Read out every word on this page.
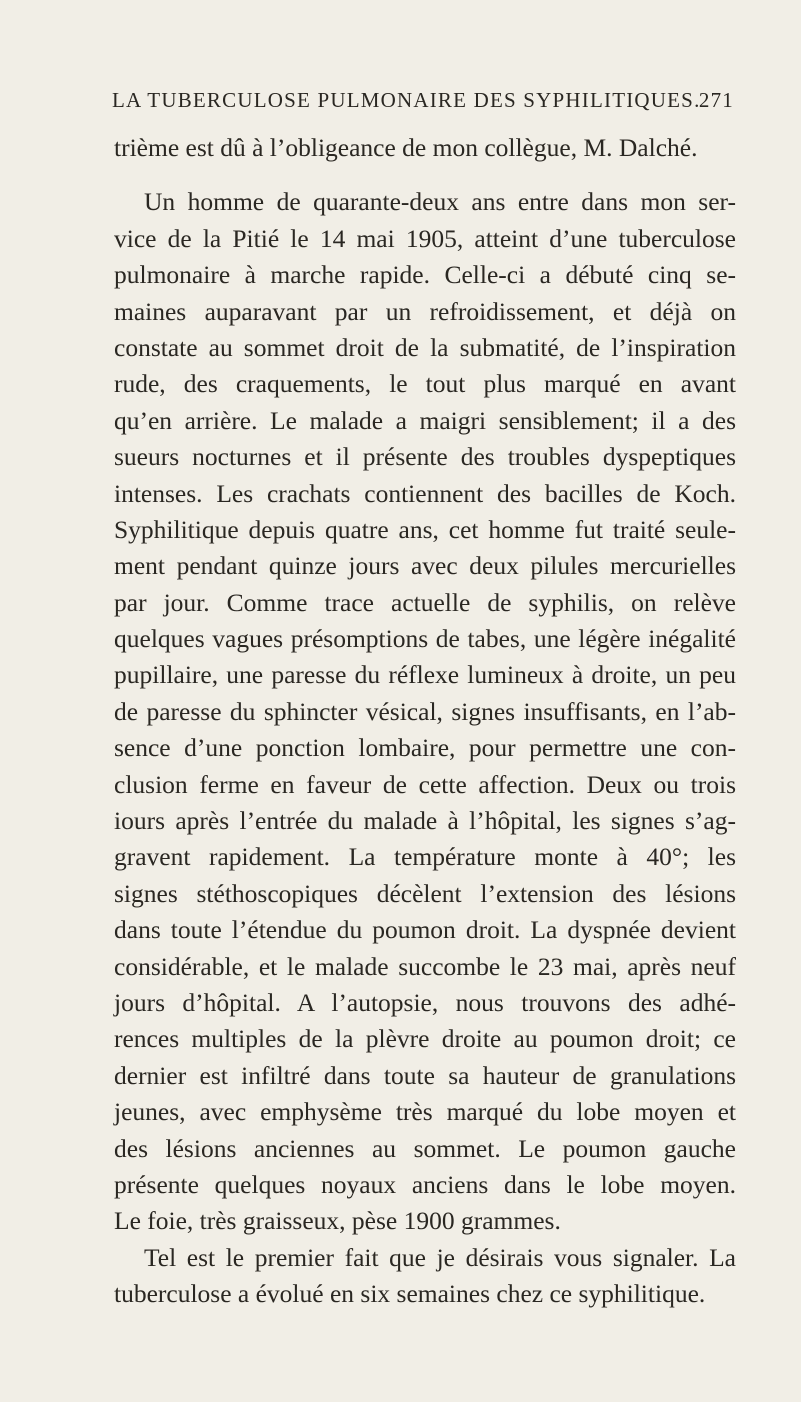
LA TUBERCULOSE PULMONAIRE DES SYPHILITIQUES.
271
trième est dû à l’obligeance de mon collègue, M. Dalché.
Un homme de quarante-deux ans entre dans mon ser-
vice de la Pitié le 14 mai 1905, atteint d’une tuberculose
pulmonaire à marche rapide. Celle-ci a débuté cinq se-
maines auparavant par un refroidissement, et déjà on
constate au sommet droit de la submatité, de l’inspiration
rude, des craquements, le tout plus marqué en avant
qu’en arrière. Le malade a maigri sensiblement; il a des
sueurs nocturnes et il présente des troubles dyspeptiques
intenses. Les crachats contiennent des bacilles de Koch.
Syphilitique depuis quatre ans, cet homme fut traité seule-
ment pendant quinze jours avec deux pilules mercurielles
par jour. Comme trace actuelle de syphilis, on relève
quelques vagues présomptions de tabes, une légère inégalité
pupillaire, une paresse du réflexe lumineux à droite, un peu
de paresse du sphincter vésical, signes insuffisants, en l’ab-
sence d’une ponction lombaire, pour permettre une con-
clusion ferme en faveur de cette affection. Deux ou trois
iours après l’entrée du malade à l’hôpital, les signes s’ag-
gravent rapidement. La température monte à 40°; les
signes stéthoscopiques décèlent l’extension des lésions
dans toute l’étendue du poumon droit. La dyspnée devient
considérable, et le malade succombe le 23 mai, après neuf
jours d’hôpital. A l’autopsie, nous trouvons des adhé-
rences multiples de la plèvre droite au poumon droit; ce
dernier est infiltré dans toute sa hauteur de granulations
jeunes, avec emphysème très marqué du lobe moyen et
des lésions anciennes au sommet. Le poumon gauche
présente quelques noyaux anciens dans le lobe moyen.
Le foie, très graisseux, pèse 1900 grammes.
Tel est le premier fait que je désirais vous signaler. La
tuberculose a évolué en six semaines chez ce syphilitique.
